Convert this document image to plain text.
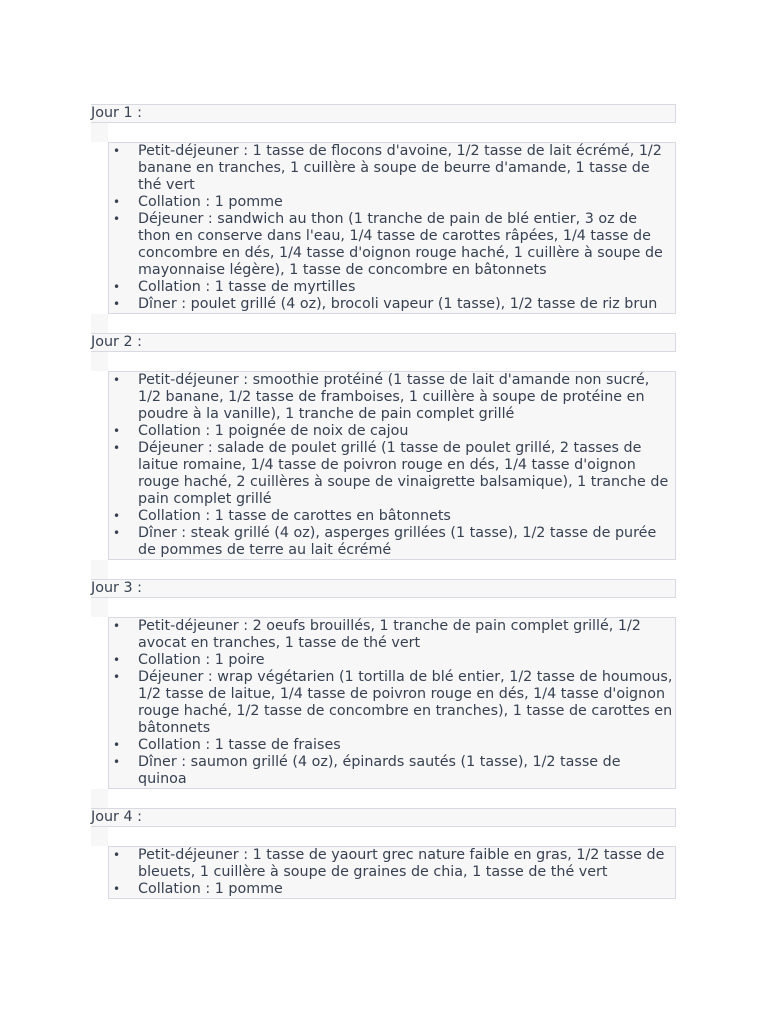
Jour 1 :
• Petit-déjeuner : 1 tasse de flocons d'avoine, 1/2 tasse de lait écrémé, 1/2 banane en tranches, 1 cuillère à soupe de beurre d'amande, 1 tasse de thé vert
• Collation : 1 pomme
• Déjeuner : sandwich au thon (1 tranche de pain de blé entier, 3 oz de thon en conserve dans l'eau, 1/4 tasse de carottes râpées, 1/4 tasse de concombre en dés, 1/4 tasse d'oignon rouge haché, 1 cuillère à soupe de mayonnaise légère), 1 tasse de concombre en bâtonnets
• Collation : 1 tasse de myrtilles
• Dîner : poulet grillé (4 oz), brocoli vapeur (1 tasse), 1/2 tasse de riz brun
Jour 2 :
• Petit-déjeuner : smoothie protéiné (1 tasse de lait d'amande non sucré, 1/2 banane, 1/2 tasse de framboises, 1 cuillère à soupe de protéine en poudre à la vanille), 1 tranche de pain complet grillé
• Collation : 1 poignée de noix de cajou
• Déjeuner : salade de poulet grillé (1 tasse de poulet grillé, 2 tasses de laitue romaine, 1/4 tasse de poivron rouge en dés, 1/4 tasse d'oignon rouge haché, 2 cuillères à soupe de vinaigrette balsamique), 1 tranche de pain complet grillé
• Collation : 1 tasse de carottes en bâtonnets
• Dîner : steak grillé (4 oz), asperges grillées (1 tasse), 1/2 tasse de purée de pommes de terre au lait écrémé
Jour 3 :
• Petit-déjeuner : 2 oeufs brouillés, 1 tranche de pain complet grillé, 1/2 avocat en tranches, 1 tasse de thé vert
• Collation : 1 poire
• Déjeuner : wrap végétarien (1 tortilla de blé entier, 1/2 tasse de houmous, 1/2 tasse de laitue, 1/4 tasse de poivron rouge en dés, 1/4 tasse d'oignon rouge haché, 1/2 tasse de concombre en tranches), 1 tasse de carottes en bâtonnets
• Collation : 1 tasse de fraises
• Dîner : saumon grillé (4 oz), épinards sautés (1 tasse), 1/2 tasse de quinoa
Jour 4 :
• Petit-déjeuner : 1 tasse de yaourt grec nature faible en gras, 1/2 tasse de bleuets, 1 cuillère à soupe de graines de chia, 1 tasse de thé vert
• Collation : 1 pomme
